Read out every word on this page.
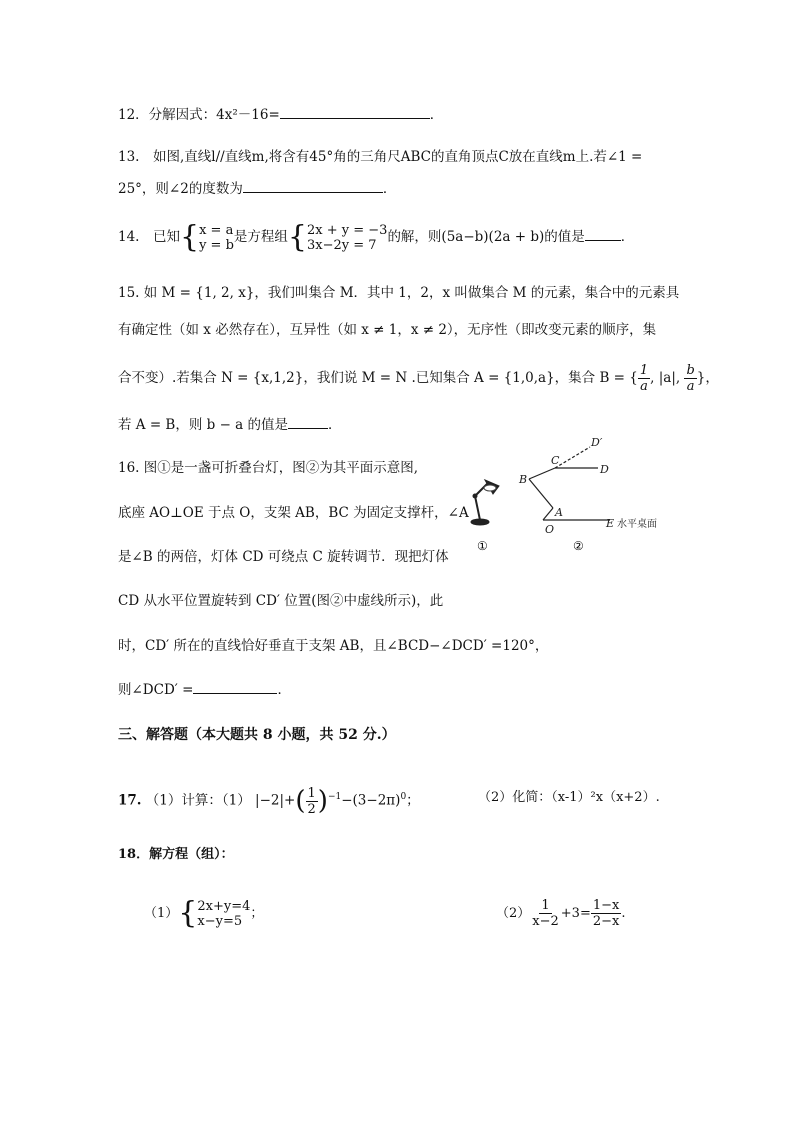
12．分解因式：4x²－16=	．
13.　如图,直线l//直线m,将含有45°角的三角尺ABC的直角顶点C放在直线m上.若∠1 =
25°，则∠2的度数为	．
14.　已知{ x = a
y = b 是方程组{ 2x + y = −3
3x−2y = 7 的解，则(5a−b)(2a + b)的值是	．
15. 如 M = {1, 2, x}，我们叫集合 M．其中 1，2，x 叫做集合 M 的元素，集合中的元素具
有确定性（如 x 必然存在），互异性（如 x ≠ 1，x ≠ 2），无序性（即改变元素的顺序，集
合不变）.若集合 N = {x,1,2}，我们说 M = N .已知集合 A = {1,0,a}，集合 B = { $\frac{1}{a}$ , |a|, $\frac{b}{a}$ }，
若 A = B，则 b − a 的值是	．
16. 图①是一盏可折叠台灯，图②为其平面示意图,
底座 AO⊥OE 于点 O，支架 AB，BC 为固定支撑杆，∠A
是∠B 的两倍，灯体 CD 可绕点 C 旋转调节．现把灯体
CD 从水平位置旋转到 CD′ 位置(图②中虚线所示)，此
时，CD′ 所在的直线恰好垂直于支架 AB，且∠BCD−∠DCD′ =120°，
则∠DCD′ =	．
①
D′
C
D
B
A
O	E 水平桌面
②
三、解答题（本大题共 8 小题，共 52 分.）
17. （1）计算：（1） $|-2|+( \frac{1}{2} )^{-1}-(3-2\pi)^0$；	（2）化简：（x-1）²x（x+2）.
18．解方程（组）：
（1）{ 2x+y=4
x−y=5 ；	$(2) \frac{1}{x-2} +3= \frac{1-x}{2-x}$ .
